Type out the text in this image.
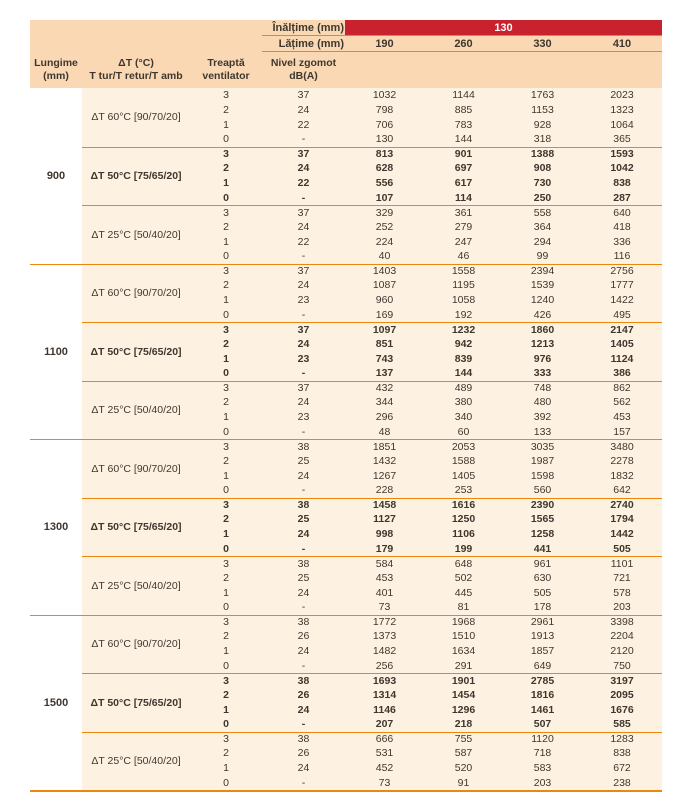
Înălțime (mm)	130
Lățime (mm)	190	260	330	410
Lungime
(mm)
ΔT (°C)
T tur/T retur/T amb
Treaptă
ventilator
Nivel zgomot
dB(A)
900
ΔT 60°C [90/70/20]
3	37	1032	1144	1763	2023
2	24	798	885	1153	1323
1	22	706	783	928	1064
0	-	130	144	318	365
ΔT 50°C [75/65/20]
3	37	813	901	1388	1593
2	24	628	697	908	1042
1	22	556	617	730	838
0	-	107	114	250	287
ΔT 25°C [50/40/20]
3	37	329	361	558	640
2	24	252	279	364	418
1	22	224	247	294	336
0	-	40	46	99	116
1100
ΔT 60°C [90/70/20]
3	37	1403	1558	2394	2756
2	24	1087	1195	1539	1777
1	23	960	1058	1240	1422
0	-	169	192	426	495
ΔT 50°C [75/65/20]
3	37	1097	1232	1860	2147
2	24	851	942	1213	1405
1	23	743	839	976	1124
0	-	137	144	333	386
ΔT 25°C [50/40/20]
3	37	432	489	748	862
2	24	344	380	480	562
1	23	296	340	392	453
0	-	48	60	133	157
1300
ΔT 60°C [90/70/20]
3	38	1851	2053	3035	3480
2	25	1432	1588	1987	2278
1	24	1267	1405	1598	1832
0	-	228	253	560	642
ΔT 50°C [75/65/20]
3	38	1458	1616	2390	2740
2	25	1127	1250	1565	1794
1	24	998	1106	1258	1442
0	-	179	199	441	505
ΔT 25°C [50/40/20]
3	38	584	648	961	1101
2	25	453	502	630	721
1	24	401	445	505	578
0	-	73	81	178	203
1500
ΔT 60°C [90/70/20]
3	38	1772	1968	2961	3398
2	26	1373	1510	1913	2204
1	24	1482	1634	1857	2120
0	-	256	291	649	750
ΔT 50°C [75/65/20]
3	38	1693	1901	2785	3197
2	26	1314	1454	1816	2095
1	24	1146	1296	1461	1676
0	-	207	218	507	585
ΔT 25°C [50/40/20]
3	38	666	755	1120	1283
2	26	531	587	718	838
1	24	452	520	583	672
0	-	73	91	203	238
